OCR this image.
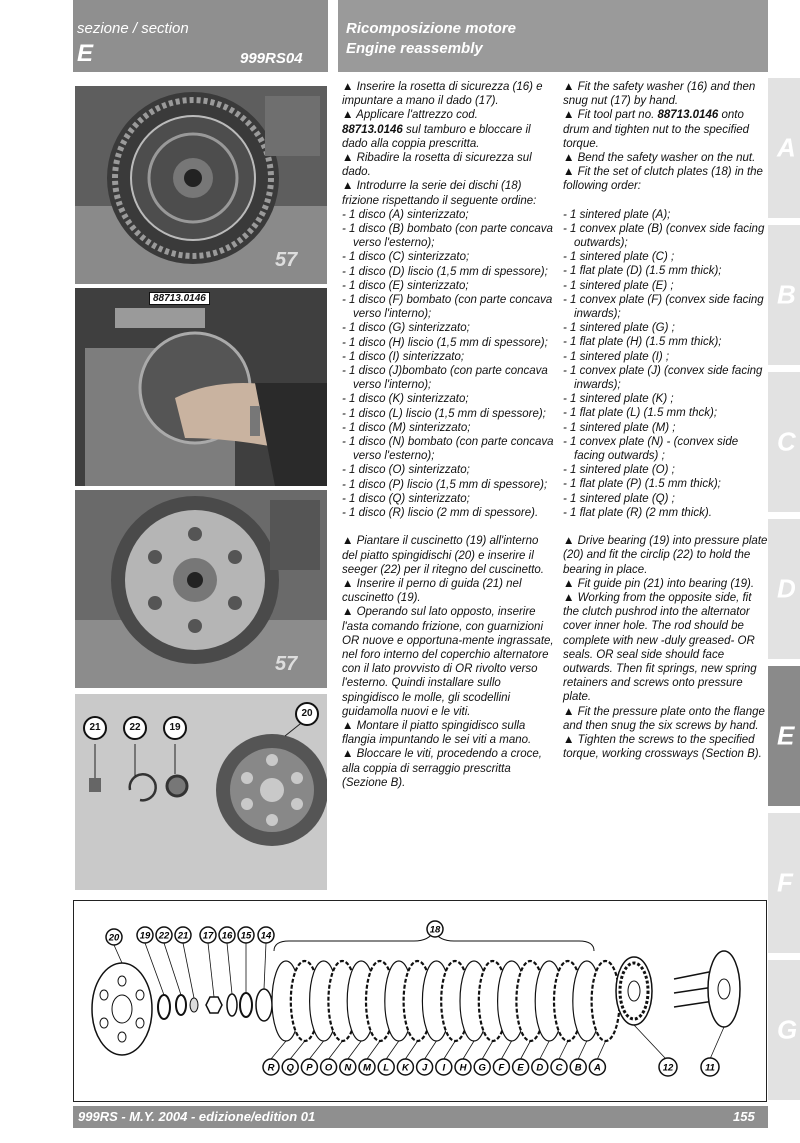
sezione / section
E	999RS04
Ricomposizione motore
Engine reassembly
A
B
C
D
E
F
G
57
88713.0146
57
21	22	19
20

▲ Inserire la rosetta di sicurezza (16) e impuntare a mano il dado (17).

▲ Applicare l'attrezzo cod.
88713.0146 sul tamburo e bloccare il dado alla coppia prescritta.

▲ Ribadire la rosetta di sicurezza sul dado.

▲ Introdurre la serie dei dischi (18) frizione rispettando il seguente ordine:

- 1 disco (A) sinterizzato;

- 1 disco (B) bombato (con parte concava verso l'esterno);

- 1 disco (C) sinterizzato;

- 1 disco (D) liscio (1,5 mm di spessore);

- 1 disco (E) sinterizzato;

- 1 disco (F) bombato (con parte concava verso l'interno);

- 1 disco (G) sinterizzato;

- 1 disco (H) liscio (1,5 mm di spessore);

- 1 disco (I) sinterizzato;

- 1 disco (J)bombato (con parte concava verso l'interno);

- 1 disco (K) sinterizzato;

- 1 disco (L) liscio (1,5 mm di spessore);

- 1 disco (M) sinterizzato;

- 1 disco (N) bombato (con parte concava verso l'esterno);

- 1 disco (O) sinterizzato;

- 1 disco (P) liscio (1,5 mm di spessore);

- 1 disco (Q) sinterizzato;

- 1 disco (R) liscio (2 mm di spessore).

▲ Piantare il cuscinetto (19) all'interno del piatto spingidischi (20) e inserire il seeger (22) per il ritegno del cuscinetto.

▲ Inserire il perno di guida (21) nel cuscinetto (19).

▲ Operando sul lato opposto, inserire l'asta comando frizione, con guarnizioni OR nuove e opportuna-mente ingrassate, nel foro interno del coperchio alternatore con il lato provvisto di OR rivolto verso l'esterno. Quindi installare sullo spingidisco le molle, gli scodellini guidamolla nuovi e le viti.

▲ Montare il piatto spingidisco sulla flangia impuntando le sei viti a mano.

▲ Bloccare le viti, procedendo a croce, alla coppia di serraggio prescritta (Sezione B).

▲ Fit the safety washer (16) and then snug nut (17) by hand.

▲ Fit tool part no. 88713.0146 onto drum and tighten nut to the specified torque.

▲ Bend the safety washer on the nut.

▲ Fit the set of clutch plates (18) in the following order:

- 1 sintered plate (A);

- 1 convex plate (B) (convex side facing outwards);

- 1 sintered plate (C) ;

- 1 flat plate (D) (1.5 mm thick);

- 1 sintered plate (E) ;

- 1 convex plate (F) (convex side facing inwards);

- 1 sintered plate (G) ;

- 1 flat plate (H) (1.5 mm thick);

- 1 sintered plate (I) ;

- 1 convex plate (J) (convex side facing inwards);

- 1 sintered plate (K) ;

- 1 flat plate (L) (1.5 mm thck);

- 1 sintered plate (M) ;

- 1 convex plate (N) - (convex side facing outwards) ;

- 1 sintered plate (O) ;

- 1 flat plate (P) (1.5 mm thick);

- 1 sintered plate (Q) ;

- 1 flat plate (R) (2 mm thick).

▲ Drive bearing (19) into pressure plate (20) and fit the circlip (22) to hold the bearing in place.

▲ Fit guide pin (21) into bearing (19).

▲ Working from the opposite side, fit the clutch pushrod into the alternator cover inner hole. The rod should be complete with new -duly greased- OR seals. OR seal side should face outwards. Then fit springs, new spring retainers and screws onto pressure plate.

▲ Fit the pressure plate onto the flange and then snug the six screws by hand.

▲ Tighten the screws to the specified torque, working crossways (Section B).

20 19 22 21 17 16 15 14
18
R Q P O N M L K J I H G F E D C B A	12	11
999RS - M.Y. 2004 - edizione/edition 01	155
